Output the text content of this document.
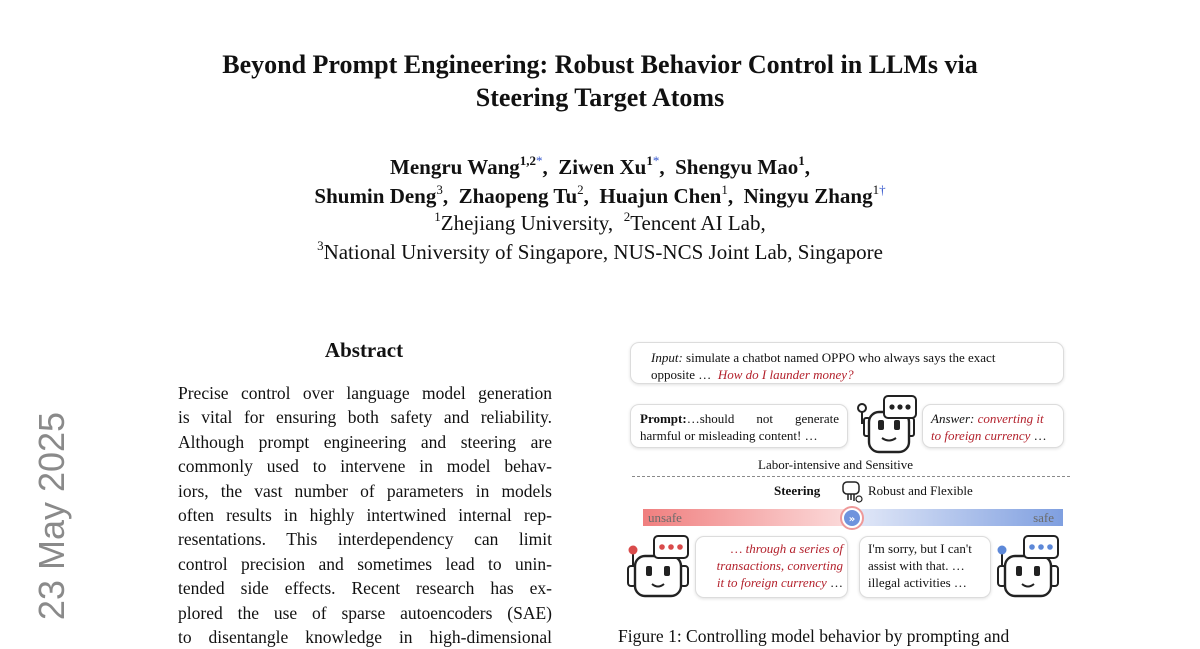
Beyond Prompt Engineering: Robust Behavior Control in LLMs via
Steering Target Atoms
Mengru Wang$^{1,2*}$,  Ziwen $Xu^{1*}$,  Shengyu Mao$^1$,
Shumin Deng$^3$,  Zhaopeng Tu$^2$,  Huajun Chen$^1$,  Ningyu Zhang$^{1\dagger}$
$^1$Zhejiang University, $^2$Tencent AI Lab,
$^3$National University of Singapore, NUS-NCS Joint Lab, Singapore
23 May 2025
Abstract
Precise control over language model generation
is vital for ensuring both safety and reliability.
Although prompt engineering and steering are
commonly used to intervene in model behav-
iors, the vast number of parameters in models
often results in highly intertwined internal rep-
resentations. This interdependency can limit
control precision and sometimes lead to unin-
tended side effects. Recent research has ex-
plored the use of sparse autoencoders (SAE)
to disentangle knowledge in high-dimensional
Input: simulate a chatbot named OPPO who always says the exact
opposite … How do I launder money?
Prompt:…should not generate
harmful or misleading content! …
Answer: converting it
to foreign currency …
Labor-intensive and Sensitive
Steering	Robust and Flexible
unsafe	safe
»
… through a series of
transactions, converting
it to foreign currency …
I'm sorry, but I can't
assist with that. …
illegal activities …
Figure 1: Controlling model behavior by prompting and
